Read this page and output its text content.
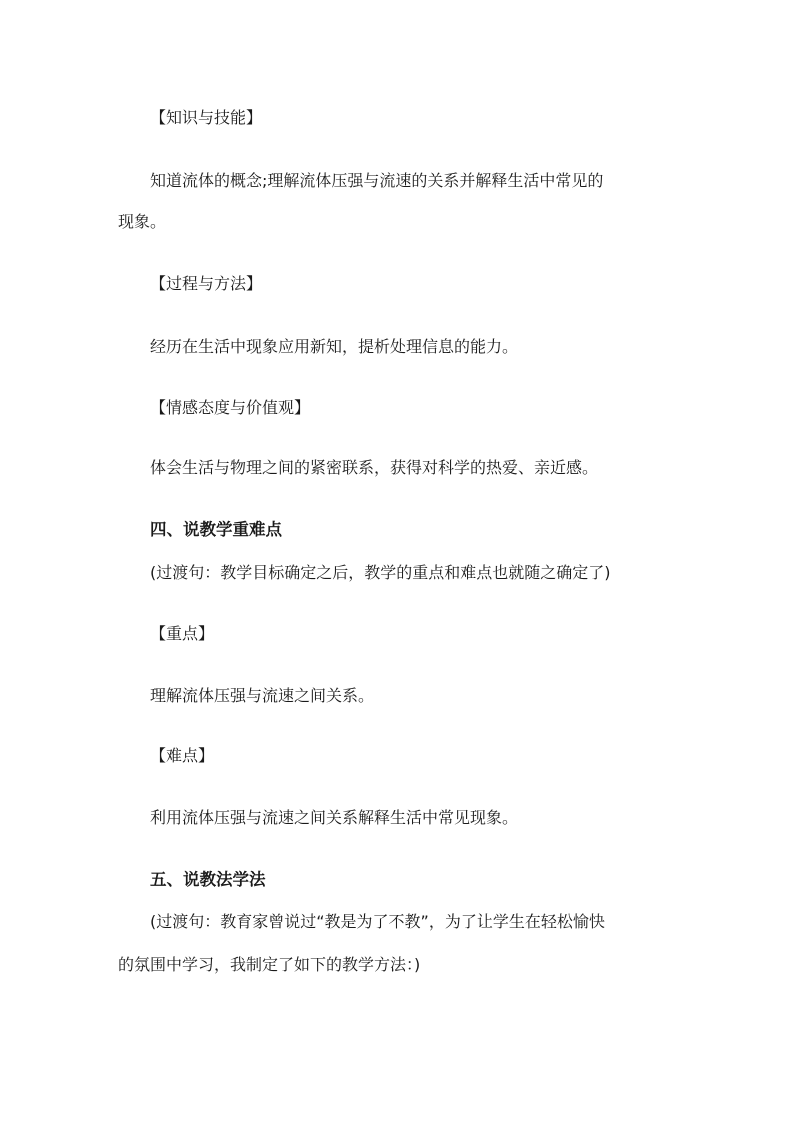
【知识与技能】
知道流体的概念;理解流体压强与流速的关系并解释生活中常见的
现象。
【过程与方法】
经历在生活中现象应用新知，提析处理信息的能力。
【情感态度与价值观】
体会生活与物理之间的紧密联系，获得对科学的热爱、亲近感。
四、说教学重难点
(过渡句：教学目标确定之后，教学的重点和难点也就随之确定了)
【重点】
理解流体压强与流速之间关系。
【难点】
利用流体压强与流速之间关系解释生活中常见现象。
五、说教法学法
(过渡句：教育家曾说过“教是为了不教”，为了让学生在轻松愉快
的氛围中学习，我制定了如下的教学方法：)
